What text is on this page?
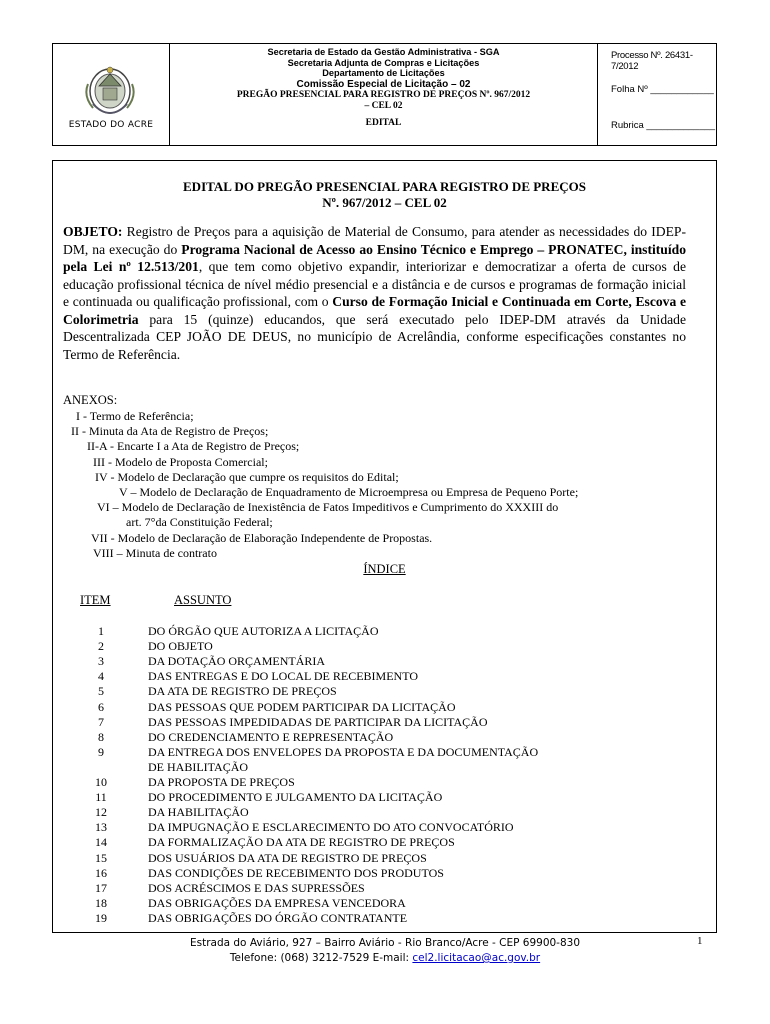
ESTADO DO ACRE
Secretaria de Estado da Gestão Administrativa - SGA
Secretaria Adjunta de Compras e Licitações
Departamento de Licitações
Comissão Especial de Licitação – 02
PREGÃO PRESENCIAL PARA REGISTRO DE PREÇOS Nº. 967/2012
– CEL 02
EDITAL
Processo Nº. 26431-7/2012
Folha Nº ____________
Rubrica _____________
EDITAL DO PREGÃO PRESENCIAL PARA REGISTRO DE PREÇOS
Nº. 967/2012 – CEL 02
OBJETO: Registro de Preços para a aquisição de Material de Consumo, para atender as necessidades do IDEP-DM, na execução do Programa Nacional de Acesso ao Ensino Técnico e Emprego – PRONATEC, instituído pela Lei nº 12.513/201, que tem como objetivo expandir, interiorizar e democratizar a oferta de cursos de educação profissional técnica de nível médio presencial e a distância e de cursos e programas de formação inicial e continuada ou qualificação profissional, com o Curso de Formação Inicial e Continuada em Corte, Escova e Colorimetria para 15 (quinze) educandos, que será executado pelo IDEP-DM através da Unidade Descentralizada CEP JOÃO DE DEUS, no município de Acrelândia, conforme especificações constantes no Termo de Referência.
ANEXOS:
I - Termo de Referência;
II - Minuta da Ata de Registro de Preços;
II-A - Encarte I a Ata de Registro de Preços;
III - Modelo de Proposta Comercial;
IV - Modelo de Declaração que cumpre os requisitos do Edital;
V – Modelo de Declaração de Enquadramento de Microempresa ou Empresa de Pequeno Porte;
VI – Modelo de Declaração de Inexistência de Fatos Impeditivos e Cumprimento do XXXIII do
art. 7°da Constituição Federal;
VII - Modelo de Declaração de Elaboração Independente de Propostas.
VIII – Minuta de contrato
ÍNDICE
ITEM	ASSUNTO
1	DO ÓRGÃO QUE AUTORIZA A LICITAÇÃO
2	DO OBJETO
3	DA DOTAÇÃO ORÇAMENTÁRIA
4	DAS ENTREGAS E DO LOCAL DE RECEBIMENTO
5	DA ATA DE REGISTRO DE PREÇOS
6	DAS PESSOAS QUE PODEM PARTICIPAR DA LICITAÇÃO
7	DAS PESSOAS IMPEDIDADAS DE PARTICIPAR DA LICITAÇÃO
8	DO CREDENCIAMENTO E REPRESENTAÇÃO
9	DA ENTREGA DOS ENVELOPES DA PROPOSTA E DA DOCUMENTAÇÃO
DE HABILITAÇÃO
10	DA PROPOSTA DE PREÇOS
11	DO PROCEDIMENTO E JULGAMENTO DA LICITAÇÃO
12	DA HABILITAÇÃO
13	DA IMPUGNAÇÃO E ESCLARECIMENTO DO ATO CONVOCATÓRIO
14	DA FORMALIZAÇÃO DA ATA DE REGISTRO DE PREÇOS
15	DOS USUÁRIOS DA ATA DE REGISTRO DE PREÇOS
16	DAS CONDIÇÕES DE RECEBIMENTO DOS PRODUTOS
17	DOS ACRÉSCIMOS E DAS SUPRESSÕES
18	DAS OBRIGAÇÕES DA EMPRESA VENCEDORA
19	DAS OBRIGAÇÕES DO ÓRGÃO CONTRATANTE
Estrada do Aviário, 927 – Bairro Aviário - Rio Branco/Acre - CEP 69900-830
Telefone: (068) 3212-7529 E-mail: cel2.licitacao@ac.gov.br
1
